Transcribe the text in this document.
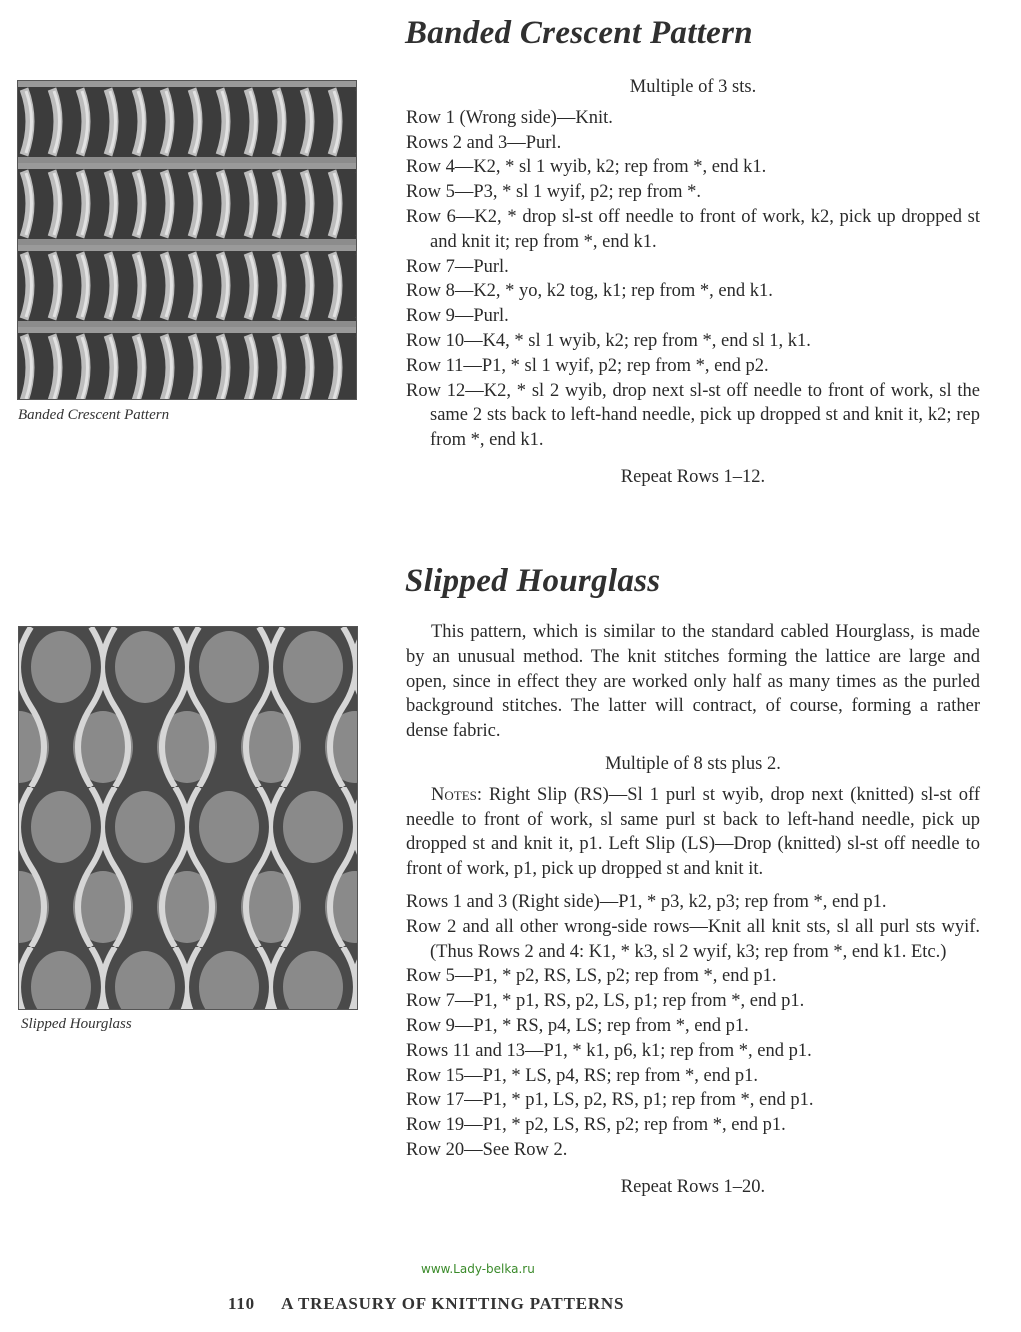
Banded Crescent Pattern
Banded Crescent Pattern

Multiple of 3 sts.

Row 1 (Wrong side)—Knit.

Rows 2 and 3—Purl.

Row 4—K2, * sl 1 wyib, k2; rep from *, end k1.

Row 5—P3, * sl 1 wyif, p2; rep from *.

Row 6—K2, * drop sl-st off needle to front of work, k2, pick up dropped st and knit it; rep from *, end k1.

Row 7—Purl.

Row 8—K2, * yo, k2 tog, k1; rep from *, end k1.

Row 9—Purl.

Row 10—K4, * sl 1 wyib, k2; rep from *, end sl 1, k1.

Row 11—P1, * sl 1 wyif, p2; rep from *, end p2.

Row 12—K2, * sl 2 wyib, drop next sl-st off needle to front of work, sl the same 2 sts back to left-hand needle, pick up dropped st and knit it, k2; rep from *, end k1.

Repeat Rows 1–12.

Slipped Hourglass
Slipped Hourglass

This pattern, which is similar to the standard cabled Hourglass, is made by an unusual method. The knit stitches forming the lattice are large and open, since in effect they are worked only half as many times as the purled background stitches. The latter will contract, of course, forming a rather dense fabric.

Multiple of 8 sts plus 2.

Notes: Right Slip (RS)—Sl 1 purl st wyib, drop next (knitted) sl-st off needle to front of work, sl same purl st back to left-hand needle, pick up dropped st and knit it, p1. Left Slip (LS)—Drop (knitted) sl-st off needle to front of work, p1, pick up dropped st and knit it.

Rows 1 and 3 (Right side)—P1, * p3, k2, p3; rep from *, end p1.

Row 2 and all other wrong-side rows—Knit all knit sts, sl all purl sts wyif. (Thus Rows 2 and 4: K1, * k3, sl 2 wyif, k3; rep from *, end k1. Etc.)

Row 5—P1, * p2, RS, LS, p2; rep from *, end p1.

Row 7—P1, * p1, RS, p2, LS, p1; rep from *, end p1.

Row 9—P1, * RS, p4, LS; rep from *, end p1.

Rows 11 and 13—P1, * k1, p6, k1; rep from *, end p1.

Row 15—P1, * LS, p4, RS; rep from *, end p1.

Row 17—P1, * p1, LS, p2, RS, p1; rep from *, end p1.

Row 19—P1, * p2, LS, RS, p2; rep from *, end p1.

Row 20—See Row 2.

Repeat Rows 1–20.

www.Lady-belka.ru
110 A TREASURY OF KNITTING PATTERNS
